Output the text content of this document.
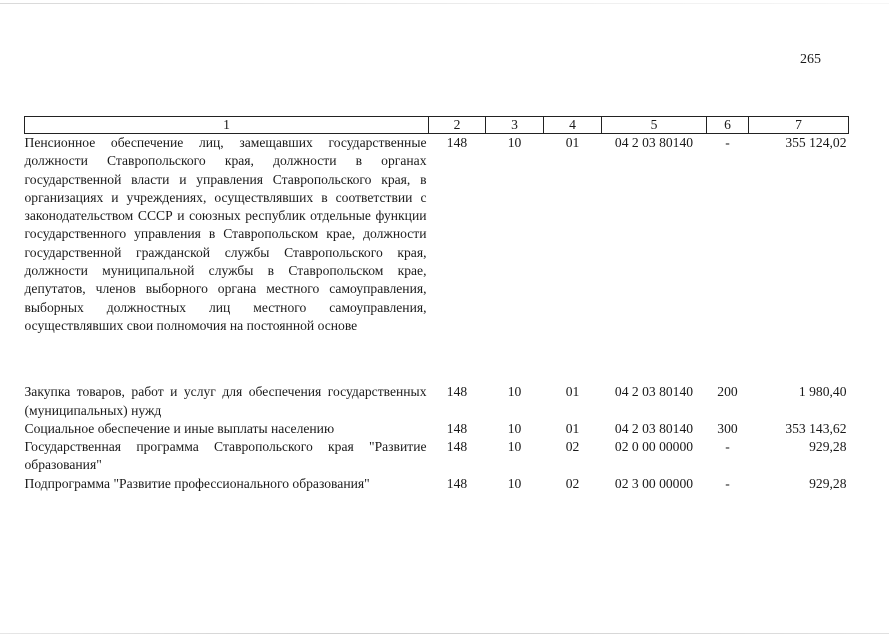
265
1	2	3	4	5	6	7
Пенсионное обеспечение лиц, замещавших государственные должности Ставропольского края, должности в органах государственной власти и управления Ставропольского края, в организациях и учреждениях, осуществлявших в соответствии с законодательством СССР и союзных республик отдельные функции государственного управления в Ставропольском крае, должности государственной гражданской службы Ставропольского края, должности муниципальной службы в Ставропольском крае, депутатов, членов выборного органа местного самоуправления, выборных должностных лиц местного самоуправления, осуществлявших свои полномочия на постоянной основе	148	10	01	04 2 03 80140	-	355 124,02

Закупка товаров, работ и услуг для обеспечения государственных (муниципальных) нужд	148	10	01	04 2 03 80140	200	1 980,40
Социальное обеспечение и иные выплаты населению	148	10	01	04 2 03 80140	300	353 143,62
Государственная программа Ставропольского края "Развитие образования"	148	10	02	02 0 00 00000	-	929,28
Подпрограмма "Развитие профессионального образования"	148	10	02	02 3 00 00000	-	929,28
